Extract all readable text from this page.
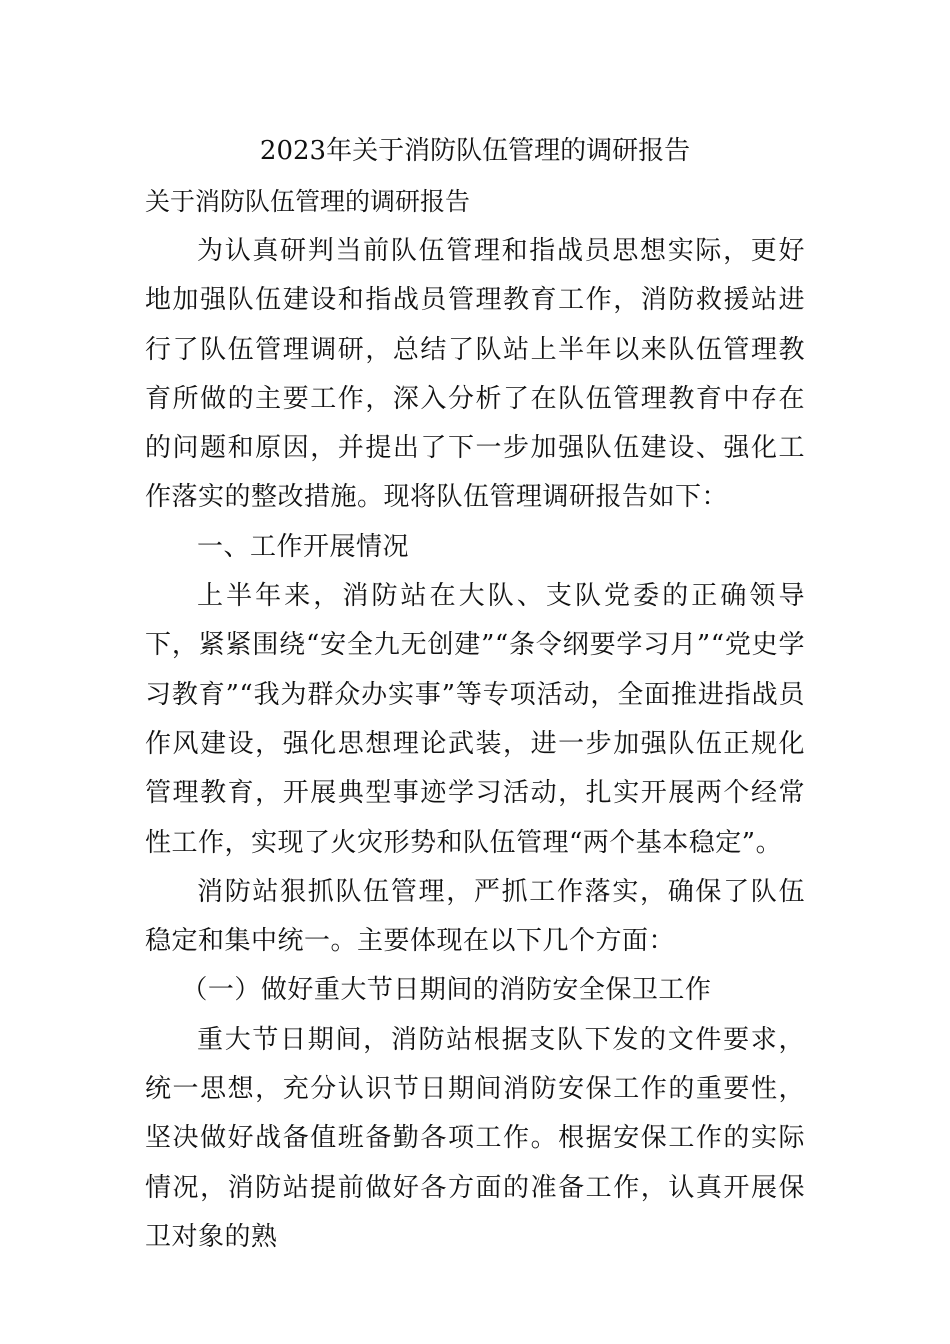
2023年关于消防队伍管理的调研报告

关于消防队伍管理的调研报告

为认真研判当前队伍管理和指战员思想实际，更好地加强队伍建设和指战员管理教育工作，消防救援站进行了队伍管理调研，总结了队站上半年以来队伍管理教育所做的主要工作，深入分析了在队伍管理教育中存在的问题和原因，并提出了下一步加强队伍建设、强化工作落实的整改措施。现将队伍管理调研报告如下：

一、工作开展情况

上半年来，消防站在大队、支队党委的正确领导下，紧紧围绕“安全九无创建”“条令纲要学习月”“党史学习教育”“我为群众办实事”等专项活动，全面推进指战员作风建设，强化思想理论武装，进一步加强队伍正规化管理教育，开展典型事迹学习活动，扎实开展两个经常性工作，实现了火灾形势和队伍管理“两个基本稳定”。

消防站狠抓队伍管理，严抓工作落实，确保了队伍稳定和集中统一。主要体现在以下几个方面：

（一）做好重大节日期间的消防安全保卫工作

重大节日期间，消防站根据支队下发的文件要求，统一思想，充分认识节日期间消防安保工作的重要性，坚决做好战备值班备勤各项工作。根据安保工作的实际情况，消防站提前做好各方面的准备工作，认真开展保卫对象的熟
